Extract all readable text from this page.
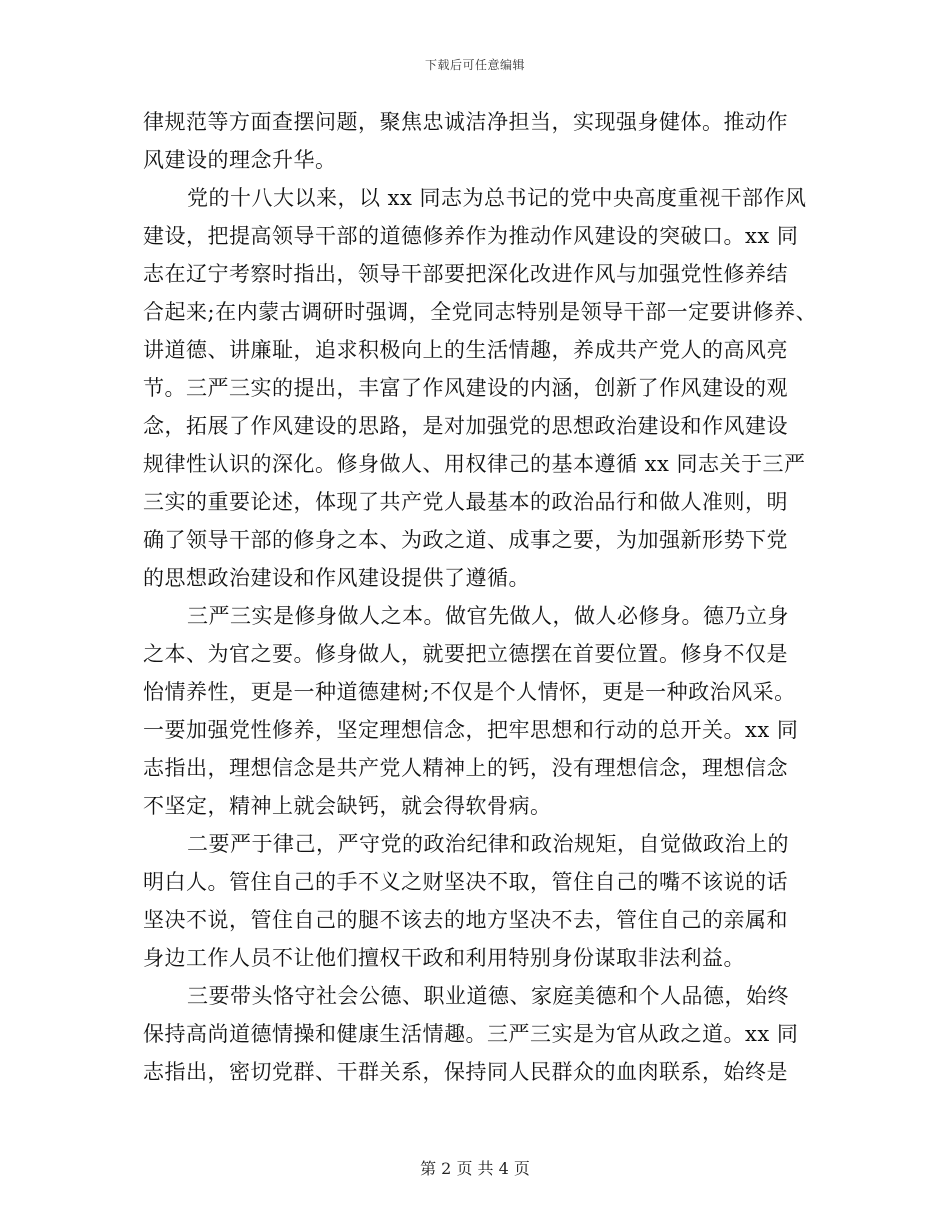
下载后可任意编辑
律规范等方面查摆问题，聚焦忠诚洁净担当，实现强身健体。推动作
风建设的理念升华。
党的十八大以来，以 xx 同志为总书记的党中央高度重视干部作风
建设，把提高领导干部的道德修养作为推动作风建设的突破口。xx 同
志在辽宁考察时指出，领导干部要把深化改进作风与加强党性修养结
合起来;在内蒙古调研时强调，全党同志特别是领导干部一定要讲修养、
讲道德、讲廉耻，追求积极向上的生活情趣，养成共产党人的高风亮
节。三严三实的提出，丰富了作风建设的内涵，创新了作风建设的观
念，拓展了作风建设的思路，是对加强党的思想政治建设和作风建设
规律性认识的深化。修身做人、用权律己的基本遵循 xx 同志关于三严
三实的重要论述，体现了共产党人最基本的政治品行和做人准则，明
确了领导干部的修身之本、为政之道、成事之要，为加强新形势下党
的思想政治建设和作风建设提供了遵循。
三严三实是修身做人之本。做官先做人，做人必修身。德乃立身
之本、为官之要。修身做人，就要把立德摆在首要位置。修身不仅是
怡情养性，更是一种道德建树;不仅是个人情怀，更是一种政治风采。
一要加强党性修养，坚定理想信念，把牢思想和行动的总开关。xx 同
志指出，理想信念是共产党人精神上的钙，没有理想信念，理想信念
不坚定，精神上就会缺钙，就会得软骨病。
二要严于律己，严守党的政治纪律和政治规矩，自觉做政治上的
明白人。管住自己的手不义之财坚决不取，管住自己的嘴不该说的话
坚决不说，管住自己的腿不该去的地方坚决不去，管住自己的亲属和
身边工作人员不让他们擅权干政和利用特别身份谋取非法利益。
三要带头恪守社会公德、职业道德、家庭美德和个人品德，始终
保持高尚道德情操和健康生活情趣。三严三实是为官从政之道。xx 同
志指出，密切党群、干群关系，保持同人民群众的血肉联系，始终是
第 2 页 共 4 页
